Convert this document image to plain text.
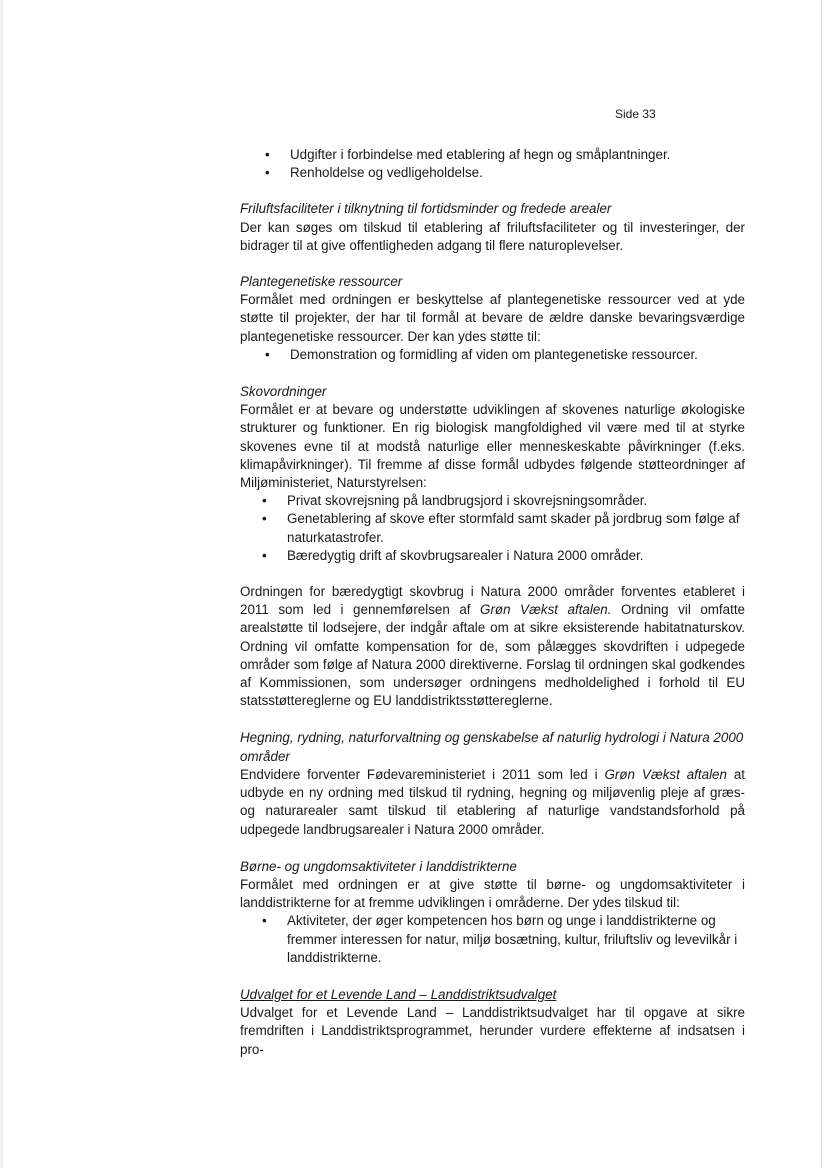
Side 33
• Udgifter i forbindelse med etablering af hegn og småplantninger.
• Renholdelse og vedligeholdelse.
Friluftsfaciliteter i tilknytning til fortidsminder og fredede arealer

Der kan søges om tilskud til etablering af friluftsfaciliteter og til investeringer, der bidrager til at give offentligheden adgang til flere naturoplevelser.

Plantegenetiske ressourcer

Formålet med ordningen er beskyttelse af plantegenetiske ressourcer ved at yde støtte til projekter, der har til formål at bevare de ældre danske bevaringsværdige plantegenetiske ressourcer. Der kan ydes støtte til:

• Demonstration og formidling af viden om plantegenetiske ressourcer.
Skovordninger

Formålet er at bevare og understøtte udviklingen af skovenes naturlige økologiske strukturer og funktioner. En rig biologisk mangfoldighed vil være med til at styrke skovenes evne til at modstå naturlige eller menneskeskabte påvirkninger (f.eks. klimapåvirkninger). Til fremme af disse formål udbydes følgende støtteordninger af Miljøministeriet, Naturstyrelsen:

• Privat skovrejsning på landbrugsjord i skovrejsningsområder.
• Genetablering af skove efter stormfald samt skader på jordbrug som følge af naturkatastrofer.
• Bæredygtig drift af skovbrugsarealer i Natura 2000 områder.

Ordningen for bæredygtigt skovbrug i Natura 2000 områder forventes etableret i 2011 som led i gennemførelsen af Grøn Vækst aftalen. Ordning vil omfatte arealstøtte til lodsejere, der indgår aftale om at sikre eksisterende habitatnaturskov. Ordning vil omfatte kompensation for de, som pålægges skovdriften i udpegede områder som følge af Natura 2000 direktiverne. Forslag til ordningen skal godkendes af Kommissionen, som undersøger ordningens medholdelighed i forhold til EU statsstøttereglerne og EU landdistriktsstøttereglerne.

Hegning, rydning, naturforvaltning og genskabelse af naturlig hydrologi i Natura 2000 områder

Endvidere forventer Fødevareministeriet i 2011 som led i Grøn Vækst aftalen at udbyde en ny ordning med tilskud til rydning, hegning og miljøvenlig pleje af græs- og naturarealer samt tilskud til etablering af naturlige vandstandsforhold på udpegede landbrugsarealer i Natura 2000 områder.

Børne- og ungdomsaktiviteter i landdistrikterne

Formålet med ordningen er at give støtte til børne- og ungdomsaktiviteter i landdistrikterne for at fremme udviklingen i områderne. Der ydes tilskud til:

• Aktiviteter, der øger kompetencen hos børn og unge i landdistrikterne og fremmer interessen for natur, miljø bosætning, kultur, friluftsliv og levevilkår i landdistrikterne.
Udvalget for et Levende Land – Landdistriktsudvalget

Udvalget for et Levende Land – Landdistriktsudvalget har til opgave at sikre fremdriften i Landdistriktsprogrammet, herunder vurdere effekterne af indsatsen i pro-
